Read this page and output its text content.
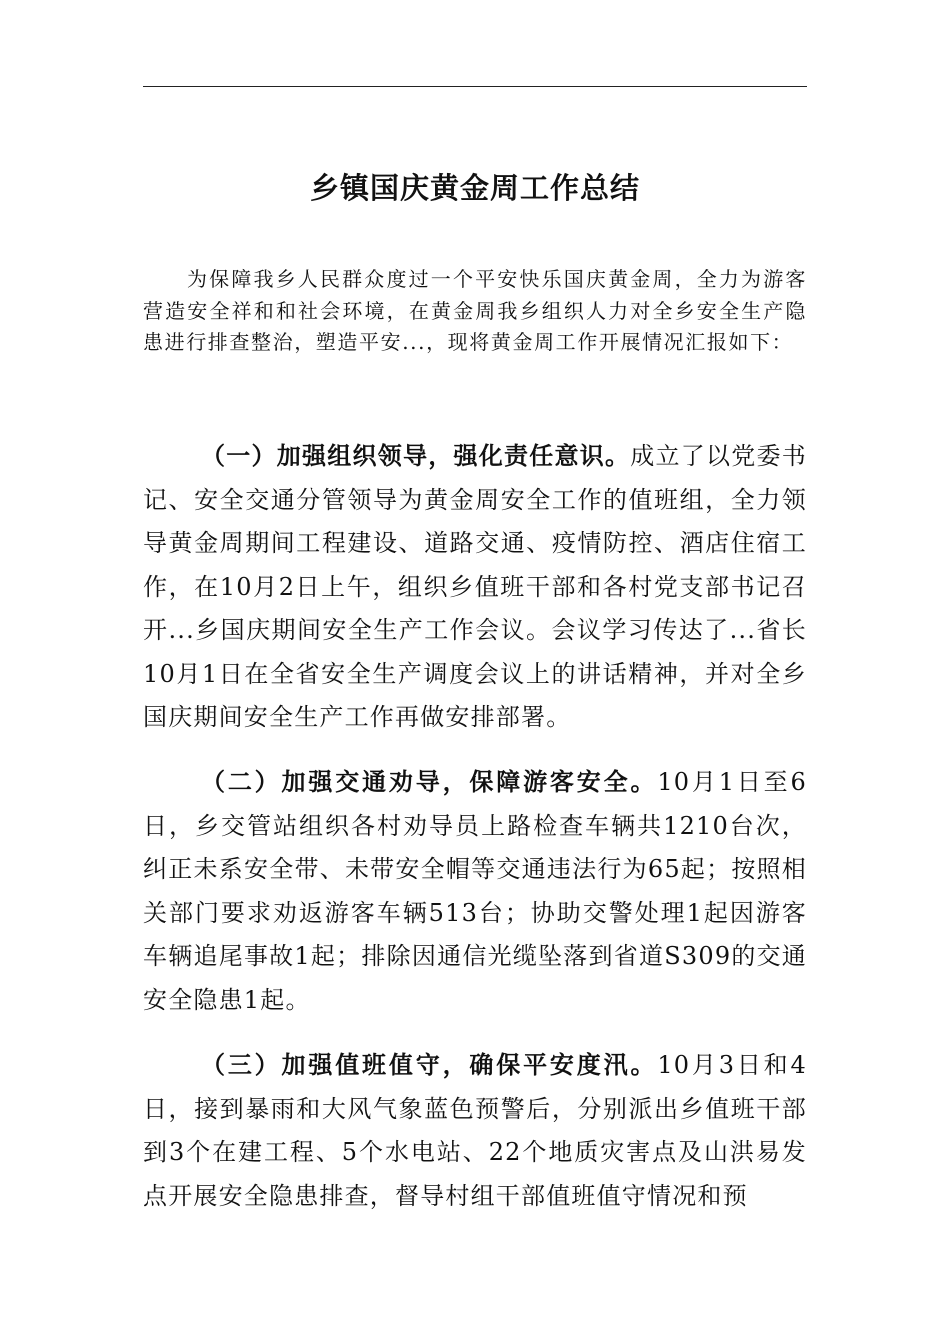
乡镇国庆黄金周工作总结

为保障我乡人民群众度过一个平安快乐国庆黄金周，全力为游客营造安全祥和和社会环境，在黄金周我乡组织人力对全乡安全生产隐患进行排查整治，塑造平安...，现将黄金周工作开展情况汇报如下：

（一）加强组织领导，强化责任意识。成立了以党委书记、安全交通分管领导为黄金周安全工作的值班组，全力领导黄金周期间工程建设、道路交通、疫情防控、酒店住宿工作，在10月2日上午，组织乡值班干部和各村党支部书记召开...乡国庆期间安全生产工作会议。会议学习传达了...省长10月1日在全省安全生产调度会议上的讲话精神，并对全乡国庆期间安全生产工作再做安排部署。

（二）加强交通劝导，保障游客安全。10月1日至6日，乡交管站组织各村劝导员上路检查车辆共1210台次，纠正未系安全带、未带安全帽等交通违法行为65起；按照相关部门要求劝返游客车辆513台；协助交警处理1起因游客车辆追尾事故1起；排除因通信光缆坠落到省道S309的交通安全隐患1起。

（三）加强值班值守，确保平安度汛。10月3日和4日，接到暴雨和大风气象蓝色预警后，分别派出乡值班干部到3个在建工程、5个水电站、22个地质灾害点及山洪易发点开展安全隐患排查，督导村组干部值班值守情况和预
